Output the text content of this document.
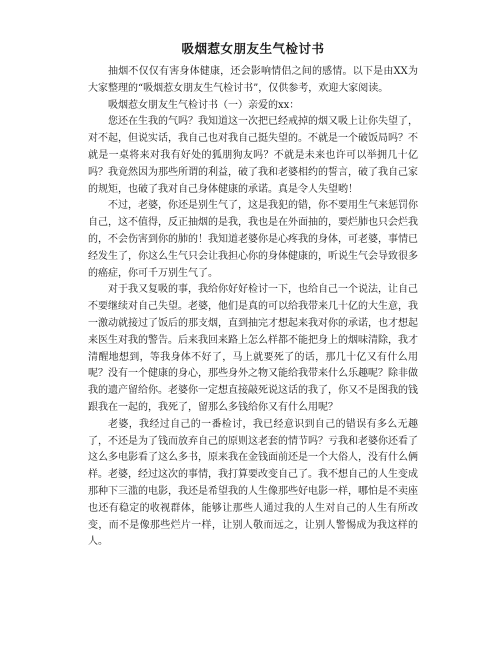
吸烟惹女朋友生气检讨书

抽烟不仅仅有害身体健康，还会影响情侣之间的感情。以下是由XX为大家整理的“吸烟惹女朋友生气检讨书”，仅供参考，欢迎大家阅读。

吸烟惹女朋友生气检讨书（一）亲爱的xx：

您还在生我的气吗？我知道这一次把已经戒掉的烟又吸上让你失望了，对不起，但说实话，我自己也对我自己挺失望的。不就是一个破饭局吗？不就是一桌将来对我有好处的狐朋狗友吗？不就是未来也许可以举拥几十亿吗？我竟然因为那些所谓的利益，破了我和老婆相约的誓言，破了我自己家的规矩，也破了我对自己身体健康的承诺。真是令人失望哟！

不过，老婆，你还是别生气了，这是我犯的错，你不要用生气来惩罚你自己，这不值得，反正抽烟的是我，我也是在外面抽的，要烂肺也只会烂我的，不会伤害到你的肺的！我知道老婆你是心疼我的身体，可老婆，事情已经发生了，你这么生气只会让我担心你的身体健康的，听说生气会导致很多的癌症，你可千万别生气了。

对于我又复吸的事，我给你好好检讨一下，也给自己一个说法，让自己不要继续对自己失望。老婆，他们是真的可以给我带来几十亿的大生意，我一激动就接过了饭后的那支烟，直到抽完才想起来我对你的承诺，也才想起来医生对我的警告。后来我回来路上怎么样都不能把身上的烟味清除，我才清醒地想到，等我身体不好了，马上就要死了的话，那几十亿又有什么用呢？没有一个健康的身心，那些身外之物又能给我带来什么乐趣呢？除非做我的遗产留给你。老婆你一定想直接敲死说这话的我了，你又不是图我的钱跟我在一起的，我死了，留那么多钱给你又有什么用呢？

老婆，我经过自己的一番检讨，我已经意识到自己的错误有多么无趣了，不还是为了钱而放弃自己的原则这老套的情节吗？亏我和老婆你还看了这么多电影看了这么多书，原来我在金钱面前还是一个大俗人，没有什么俩样。老婆，经过这次的事情，我打算要改变自己了。我不想自己的人生变成那种下三滥的电影，我还是希望我的人生像那些好电影一样，哪怕是不卖座也还有稳定的收视群体，能够让那些人通过我的人生对自己的人生有所改变，而不是像那些烂片一样，让别人敬而远之，让别人警惕成为我这样的人。
